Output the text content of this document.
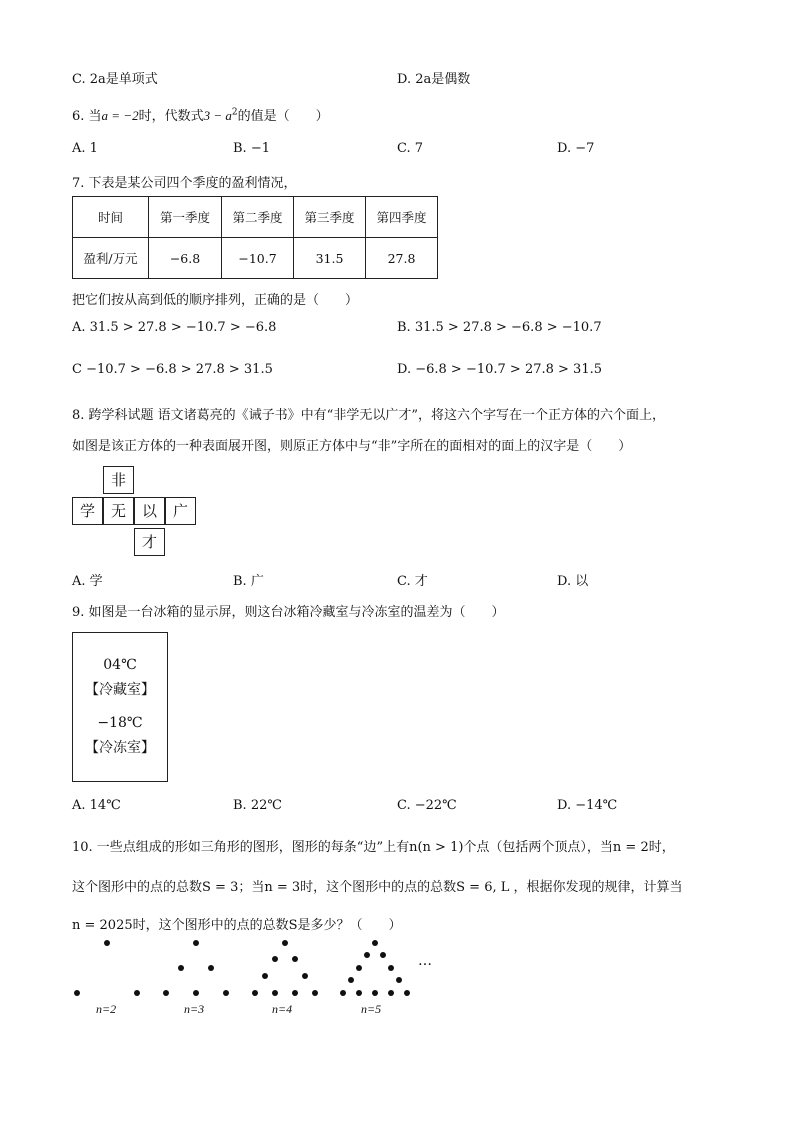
C. 2a是单项式	D. 2a是偶数
6. 当a = −2时，代数式$3 - a^2$的值是（　　）
A. 1	B. −1	C. 7	D. −7
7. 下表是某公司四个季度的盈利情况，
时间	第一季度	第二季度	第三季度	第四季度
盈利/万元	−6.8	−10.7	31.5	27.8
把它们按从高到低的顺序排列，正确的是（　　）
A. 31.5 > 27.8 > −10.7 > −6.8	B. 31.5 > 27.8 > −6.8 > −10.7
C −10.7 > −6.8 > 27.8 > 31.5	D. −6.8 > −10.7 > 27.8 > 31.5
8. 跨学科试题 语文诸葛亮的《诫子书》中有“非学无以广才”，将这六个字写在一个正方体的六个面上，
如图是该正方体的一种表面展开图，则原正方体中与“非”字所在的面相对的面上的汉字是（　　）
非
学	无	以	广
才
A. 学	B. 广	C. 才	D. 以
9. 如图是一台冰箱的显示屏，则这台冰箱冷藏室与冷冻室的温差为（　　）
04℃
【冷藏室】
−18℃
【冷冻室】
A. 14℃	B. 22℃	C. −22℃	D. −14℃
10. 一些点组成的形如三角形的图形，图形的每条“边”上有n(n > 1)个点（包括两个顶点），当n = 2时，
这个图形中的点的总数S = 3；当n = 3时，这个图形中的点的总数S = 6, L ，根据你发现的规律，计算当
n = 2025时，这个图形中的点的总数S是多少？（　　）
…
n=2	n=3	n=4	n=5
